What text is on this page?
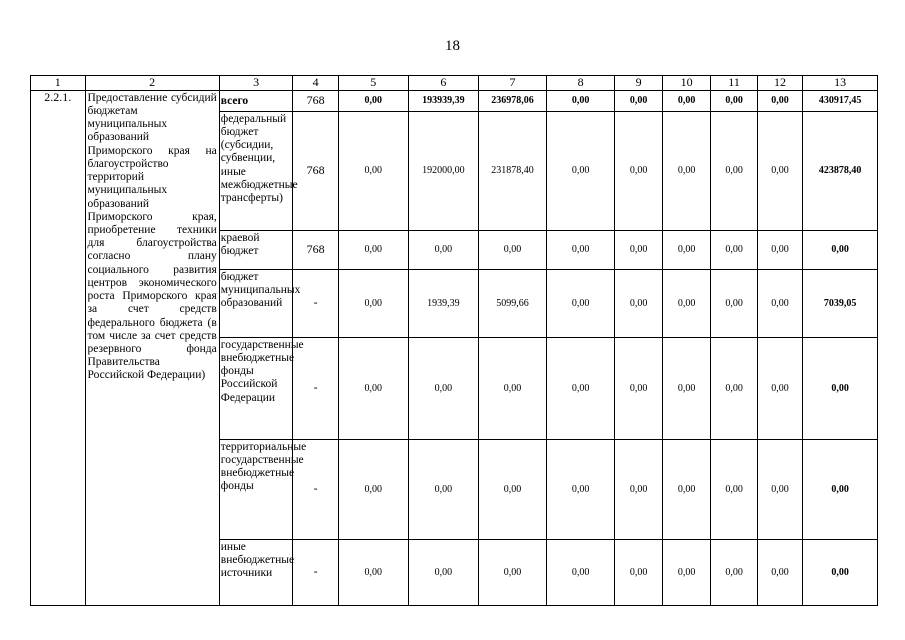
18
1	2	3	4	5	6	7	8	9	10	11	12	13
2.2.1.	Предоставление субсидий бюджетам муниципальных образований Приморского края на благоустройство территорий муниципальных образований Приморского края, приобретение техники для благоустройства согласно плану социального развития центров экономического роста Приморского края за счет средств федерального бюджета (в том числе за счет средств резервного фонда Правительства Российской Федерации)	всего	768	0,00	193939,39	236978,06	0,00	0,00	0,00	0,00	0,00	430917,45
		федеральный бюджет (субсидии, субвенции, иные межбюджетные трансферты)	768	0,00	192000,00	231878,40	0,00	0,00	0,00	0,00	0,00	423878,40
		краевой бюджет	768	0,00	0,00	0,00	0,00	0,00	0,00	0,00	0,00	0,00
		бюджет муниципальных образований	-	0,00	1939,39	5099,66	0,00	0,00	0,00	0,00	0,00	7039,05
		государственные внебюджетные фонды Российской Федерации	-	0,00	0,00	0,00	0,00	0,00	0,00	0,00	0,00	0,00
		территориальные государственные внебюджетные фонды	-	0,00	0,00	0,00	0,00	0,00	0,00	0,00	0,00	0,00
		иные внебюджетные источники	-	0,00	0,00	0,00	0,00	0,00	0,00	0,00	0,00	0,00
